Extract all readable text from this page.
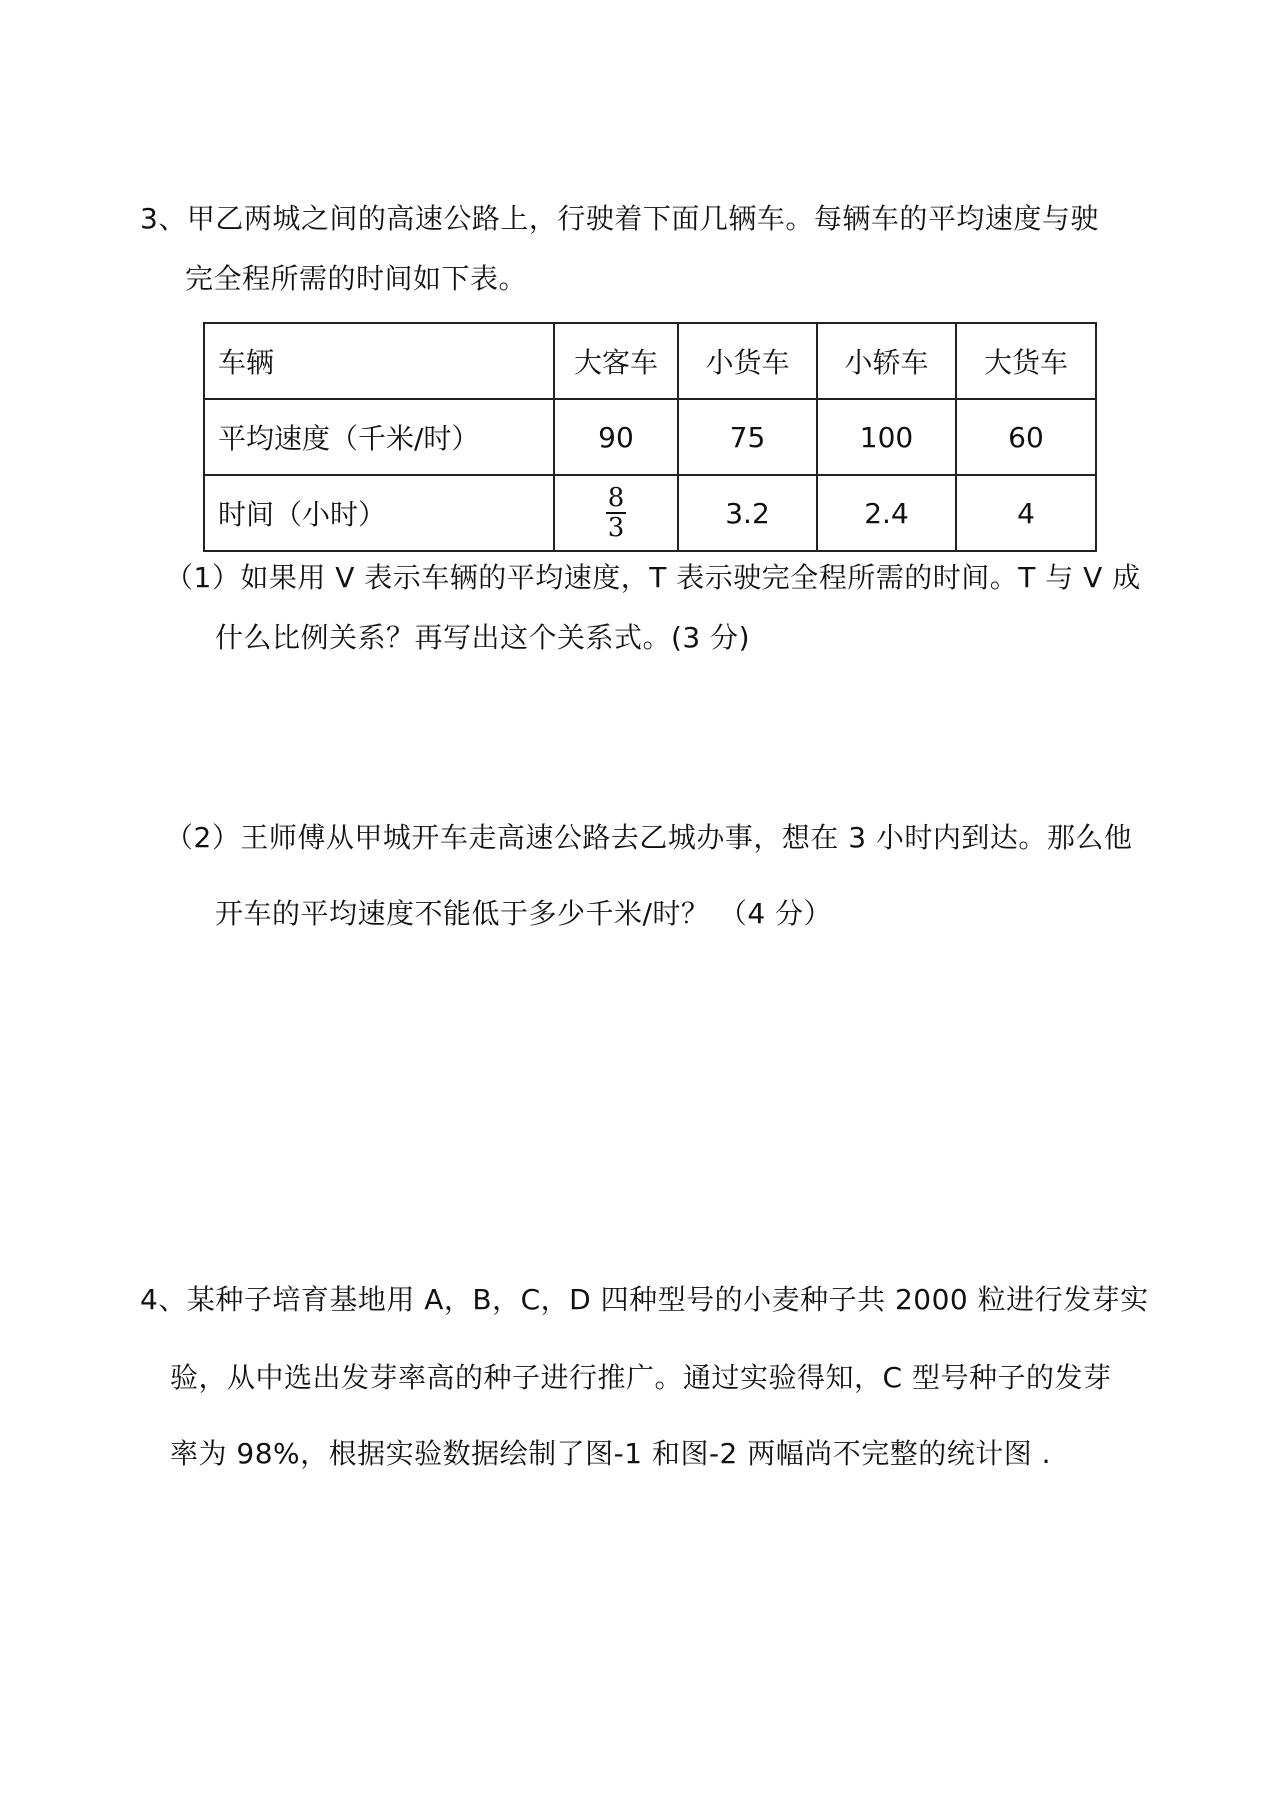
3、甲乙两城之间的高速公路上，行驶着下面几辆车。每辆车的平均速度与驶
完全程所需的时间如下表。
车辆	大客车	小货车	小轿车	大货车
平均速度（千米/时）	90	75	100	60
时间（小时）	$\frac{8}{3}$	3.2	2.4	4
（1）如果用 V 表示车辆的平均速度，T 表示驶完全程所需的时间。T 与 V 成
什么比例关系？再写出这个关系式。(3 分)
（2）王师傅从甲城开车走高速公路去乙城办事，想在 3 小时内到达。那么他
开车的平均速度不能低于多少千米/时？ （4 分）
4、某种子培育基地用 A，B，C，D 四种型号的小麦种子共 2000 粒进行发芽实
验，从中选出发芽率高的种子进行推广。通过实验得知，C 型号种子的发芽
率为 98%，根据实验数据绘制了图-1 和图-2 两幅尚不完整的统计图 .
